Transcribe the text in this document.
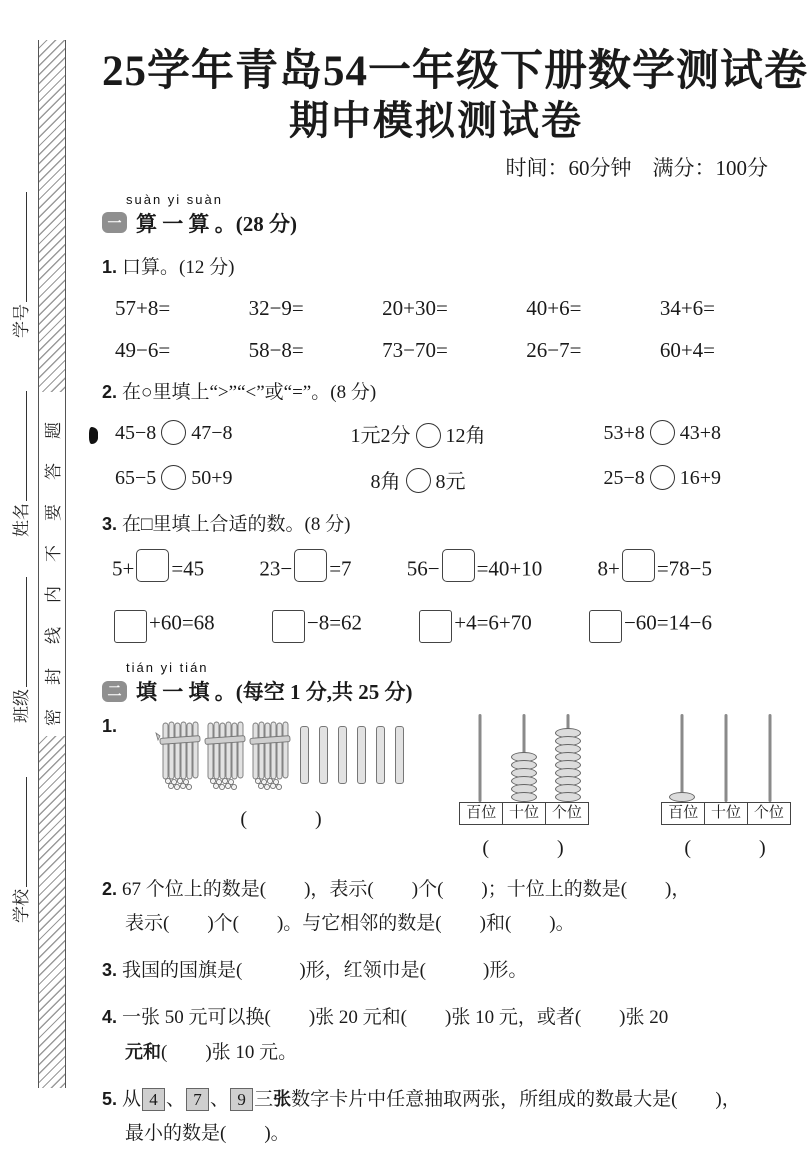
密封线内不要答题
学号
姓名
班级
学校
25学年青岛54一年级下册数学测试卷
期中模拟测试卷
时间：60分钟　满分：100分
suàn yi suàn
一 算 一 算 。(28 分)
1. 口算。(12 分)
57+8=	32−9=	20+30=	40+6=	34+6=
49−6=	58−8=	73−70=	26−7=	60+4=
2. 在○里填上“>”“<”或“=”。(8 分)
45−8 47−8	1元2分 12角	53+8 43+8
65−5 50+9	8角 8元	25−8 16+9
3. 在□里填上合适的数。(8 分)
5+ =45	23− =7	56− =40+10	8+ =78−5
+60=68	−8=62	+4=6+70	−60=14−6
tián yi tián
二 填 一 填 。(每空 1 分,共 25 分)
1.
(　　　)	百位 十位 个位
(　　　)
百位 十位 个位
(　　　)
2. 67 个位上的数是(　　)，表示(　　)个(　　)；十位上的数是(　　)，
表示(　　)个(　　)。与它相邻的数是(　　)和(　　)。
3. 我国的国旗是(　　　)形，红领巾是(　　　)形。
4. 一张 50 元可以换(　　)张 20 元和(　　)张 10 元，或者(　　)张 20
元和(　　)张 10 元。
5. 从 4 、 7 、 9 三张数字卡片中任意抽取两张，所组成的数最大是(　　)，
最小的数是(　　)。
